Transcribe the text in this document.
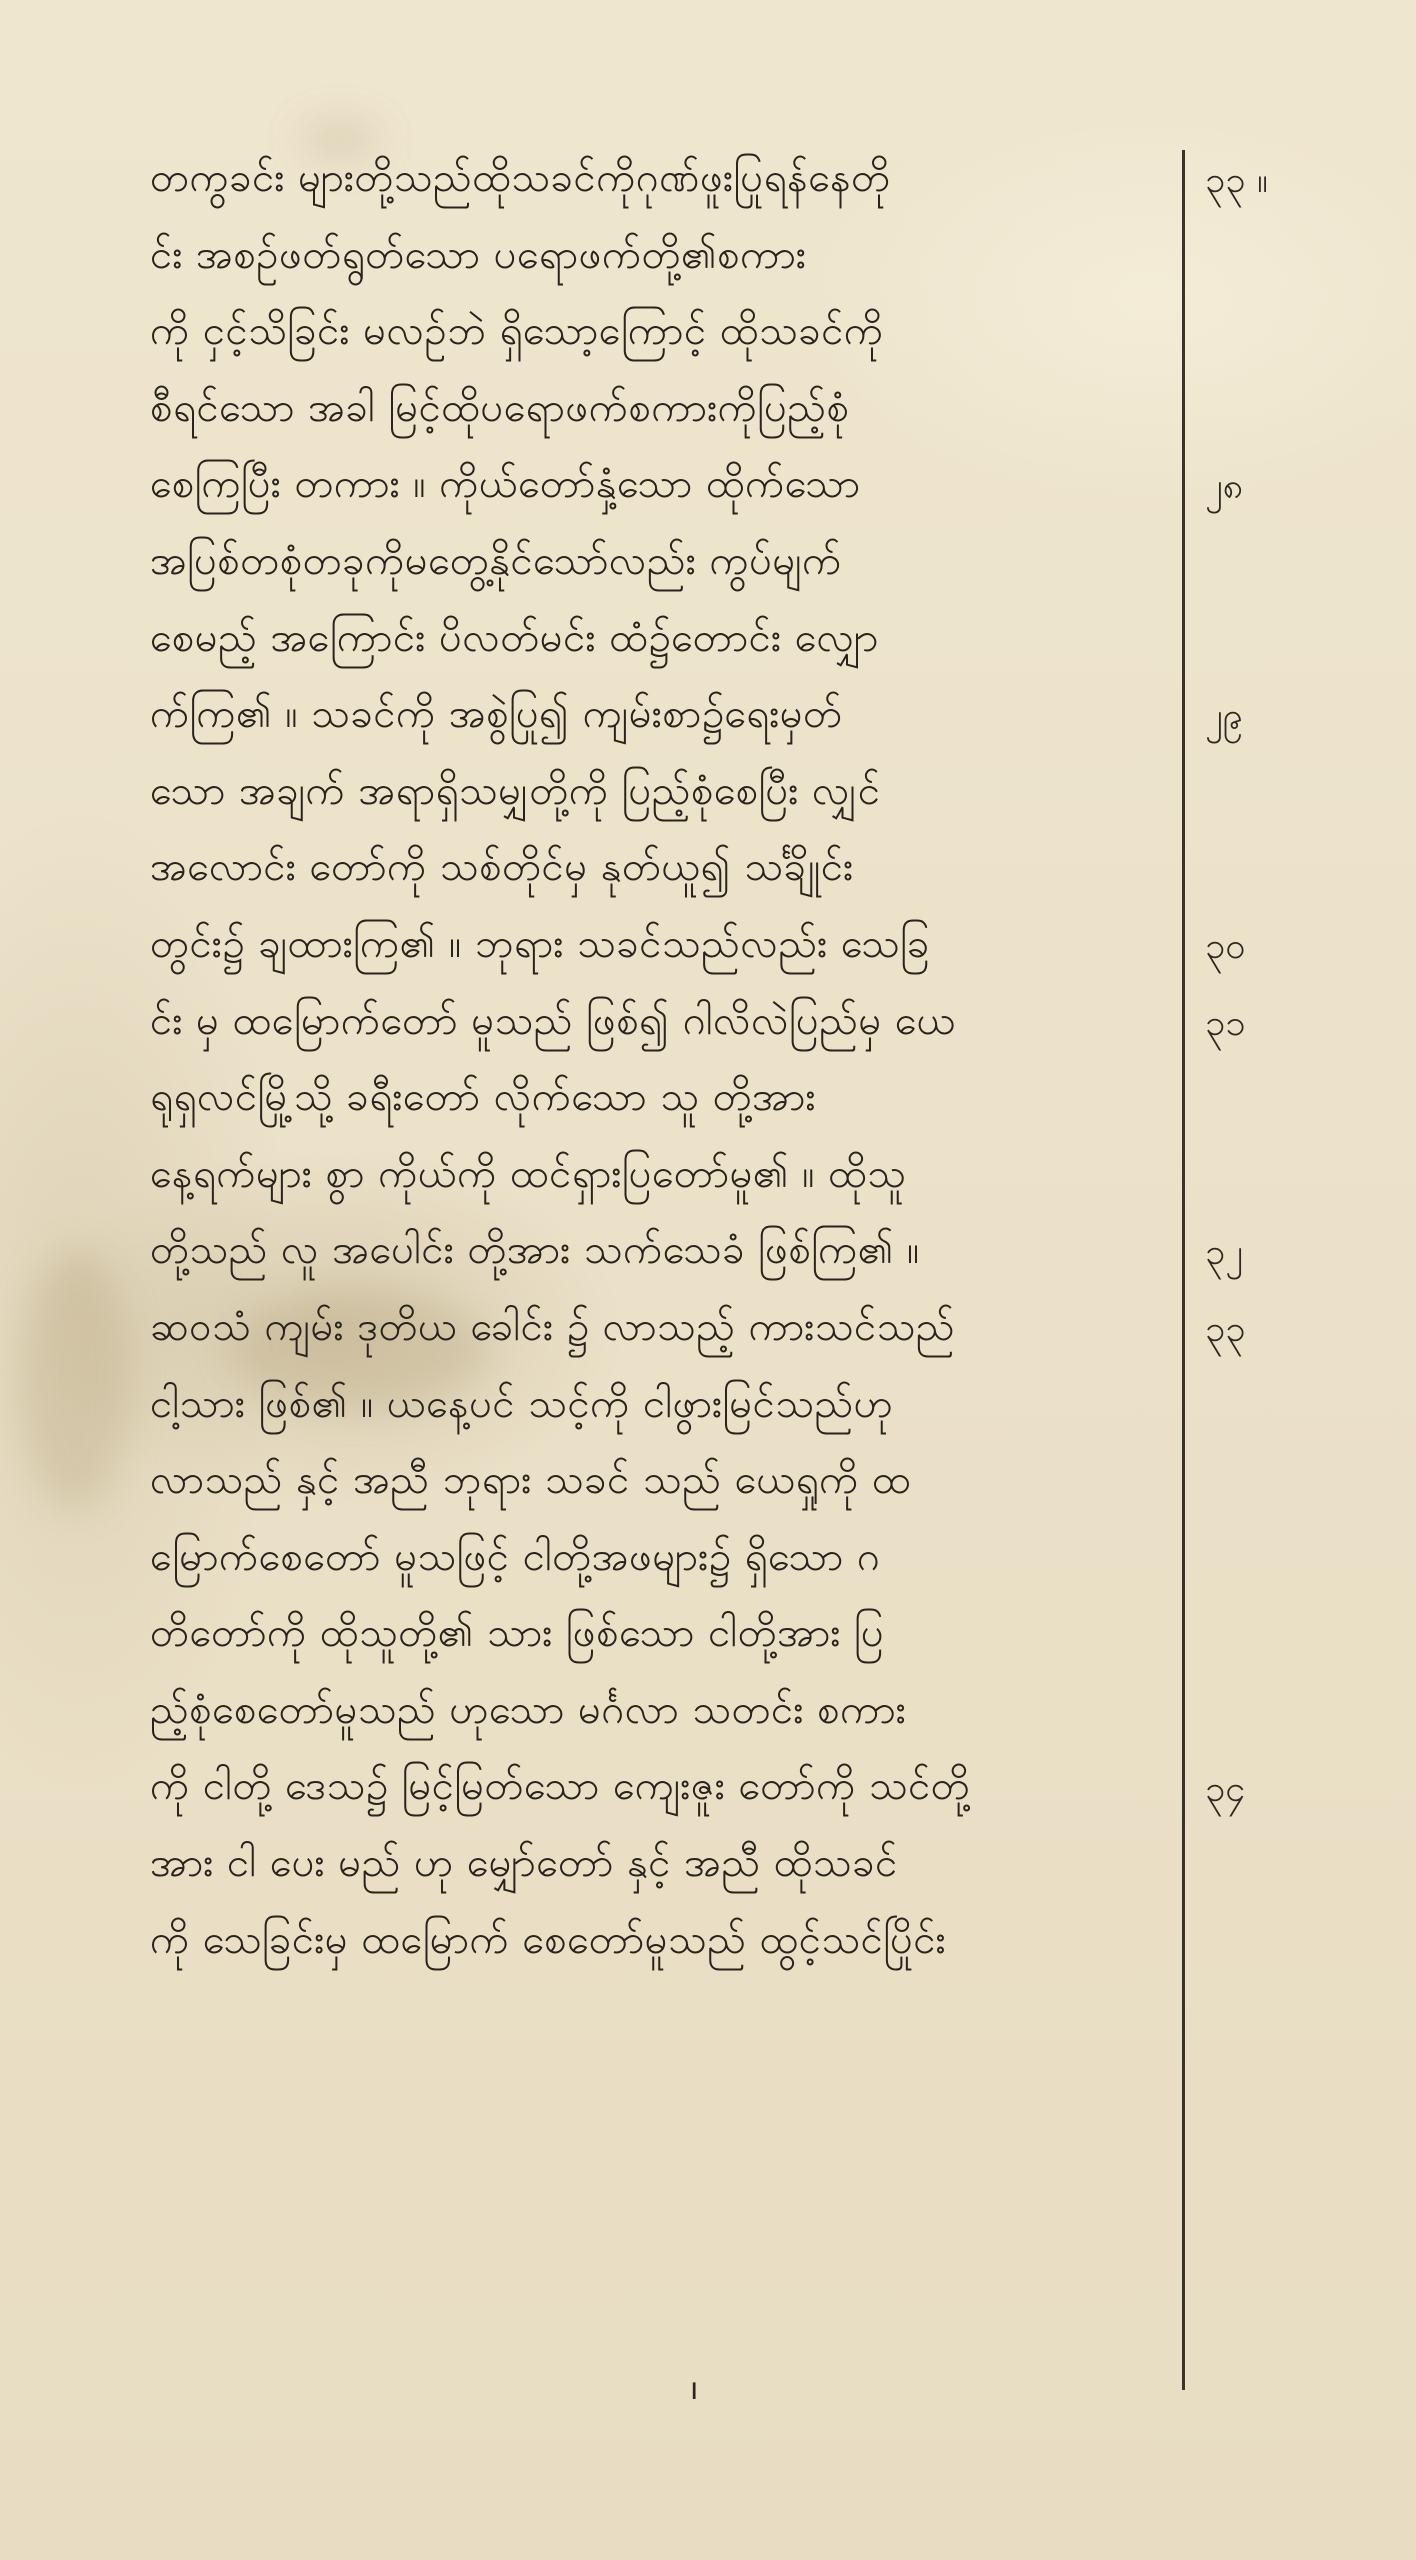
တကွခင်း များတို့သည်ထိုသခင်ကိုဂုဏ်ဖူးပြုရန်နေတို
င်း အစဉ်ဖတ်ရွတ်သော ပရောဖက်တို့၏စကား
ကို ငှင့်သိခြင်း မလဥ်ဘဲ ရှိသော့ကြောင့် ထိုသခင်ကို
စီရင်သော အခါ မြင့်ထိုပရောဖက်စကားကိုပြည့်စုံ
စေကြပြီး တကား ။ ကိုယ်တော်နှံ့သော ထိုက်သော
အပြစ်တစုံတခုကိုမတွေ့နိုင်သော်လည်း ကွပ်မျက်
စေမည့် အကြောင်း ပိလတ်မင်း ထံ၌တောင်း လျှော
က်ကြ၏ ။ သခင်ကို အစွဲပြု၍ ကျမ်းစာ၌ရေးမှတ်
သော အချက် အရာရှိသမျှတို့ကို ပြည့်စုံစေပြီး လျှင်
အလောင်း တော်ကို သစ်တိုင်မှ နုတ်ယူ၍ သင်္ချိုင်း
တွင်း၌ ချထားကြ၏ ။ ဘုရား သခင်သည်လည်း သေခြ
င်း မှ ထမြောက်တော် မူသည် ဖြစ်၍ ဂါလိလဲပြည်မှ ယေ
ရုရှလင်မြို့သို့ ခရီးတော် လိုက်သော သူ တို့အား
နေ့ရက်များ စွာ ကိုယ်ကို ထင်ရှားပြတော်မူ၏ ။ ထိုသူ
တို့သည် လူ အပေါင်း တို့အား သက်သေခံ ဖြစ်ကြ၏ ။
ဆဝသံ ကျမ်း ဒုတိယ ခေါင်း ၌ လာသည့် ကားသင်သည်
ငါ့သား ဖြစ်၏ ။ ယနေ့ပင် သင့်ကို ငါဖွားမြင်သည်ဟု
လာသည် နှင့် အညီ ဘုရား သခင် သည် ယေရှုကို ထ
မြောက်စေတော် မူသဖြင့် ငါတို့အဖများ၌ ရှိသော ဂ
တိတော်ကို ထိုသူတို့၏ သား ဖြစ်သော ငါတို့အား ပြ
ည့်စုံစေတော်မူသည် ဟုသော မင်္ဂလာ သတင်း စကား
ကို ငါတို့ ဒေသ၌ မြင့်မြတ်သော ကျေးဇူး တော်ကို သင်တို့
အား ငါ ပေး မည် ဟု မျှော်တော် နှင့် အညီ ထိုသခင်
ကို သေခြင်းမှ ထမြောက် စေတော်မူသည် ထွင့်သင်ပြိုင်း
၃၃ ။
၂၈
၂၉
၃၀
၃၁
၃၂
၃၃
၃၄
ı
